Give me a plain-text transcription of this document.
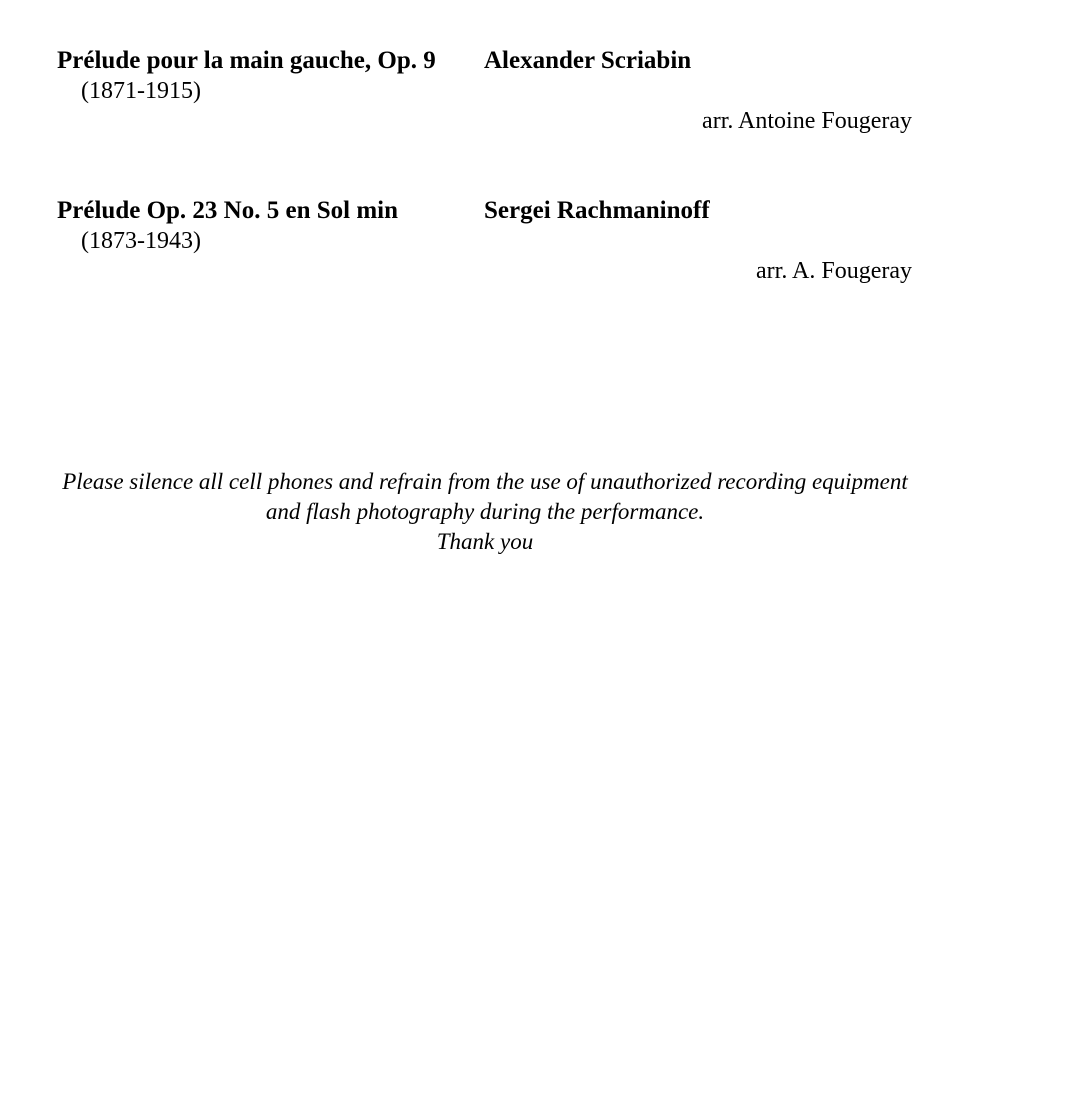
Prélude pour la main gauche, Op. 9 Alexander Scriabin
(1871-1915)
arr. Antoine Fougeray
Prélude Op. 23 No. 5 en Sol min	Sergei Rachmaninoff
(1873-1943)
arr. A. Fougeray
Please silence all cell phones and refrain from the use of unauthorized recording equipment
and flash photography during the performance.
Thank you
